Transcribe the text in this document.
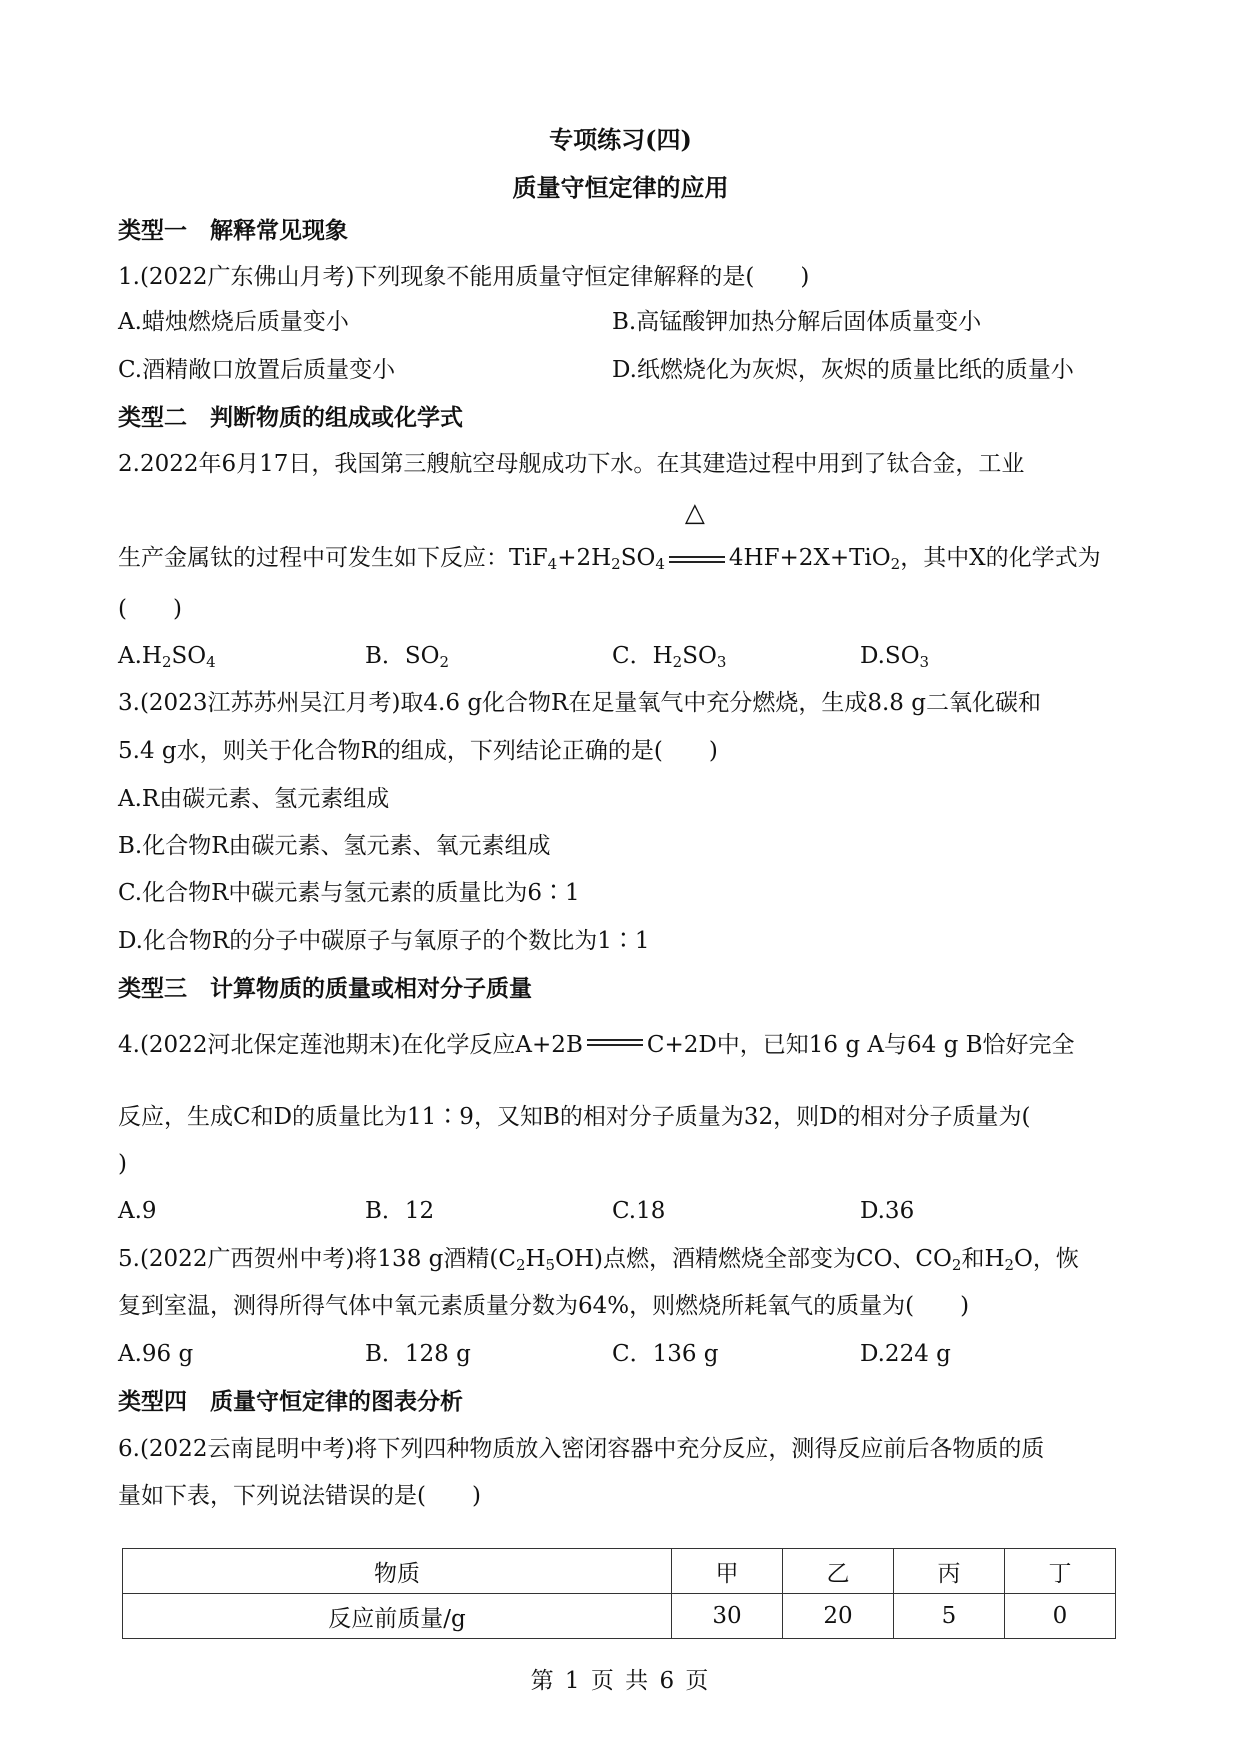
专项练习(四)
质量守恒定律的应用
类型一　解释常见现象
1.(2022广东佛山月考)下列现象不能用质量守恒定律解释的是(　　)
A.蜡烛燃烧后质量变小	B.高锰酸钾加热分解后固体质量变小
C.酒精敞口放置后质量变小	D.纸燃烧化为灰烬，灰烬的质量比纸的质量小
类型二　判断物质的组成或化学式
2.2022年6月17日，我国第三艘航空母舰成功下水。在其建造过程中用到了钛合金，工业
生产金属钛的过程中可发生如下反应：$TiF_4+2H_2SO_4$
△
4HF+2X+TiO$_2$，其中X的化学式为
(　　)
$A.H_2SO_4$	B．$SO_2$	C．$H_2SO_3$	$D.SO_3$
3.(2023江苏苏州吴江月考)取4.6 g化合物R在足量氧气中充分燃烧，生成8.8 g二氧化碳和
5.4 g水，则关于化合物R的组成，下列结论正确的是(　　)
A.R由碳元素、氢元素组成
B.化合物R由碳元素、氢元素、氧元素组成
C.化合物R中碳元素与氢元素的质量比为6∶1
D.化合物R的分子中碳原子与氧原子的个数比为1∶1
类型三　计算物质的质量或相对分子质量
4.(2022河北保定莲池期末)在化学反应A+2B	C+2D中，已知16 g A与64 g B恰好完全
反应，生成C和D的质量比为11∶9，又知B的相对分子质量为32，则D的相对分子质量为(
)
A.9	B．12	C.18	D.36
5.(2022广西贺州中考)将138 g酒精$(C_2H_5OH)$点燃，酒精燃烧全部变为CO、$CO_2$和$H_2O$，恢
复到室温，测得所得气体中氧元素质量分数为64%，则燃烧所耗氧气的质量为(　　)
A.96 g	B．128 g	C．136 g	D.224 g
类型四　质量守恒定律的图表分析
6.(2022云南昆明中考)将下列四种物质放入密闭容器中充分反应，测得反应前后各物质的质
量如下表，下列说法错误的是(　　)
物质	甲	乙	丙	丁
反应前质量/g	30	20	5	0
第 1 页 共 6 页
